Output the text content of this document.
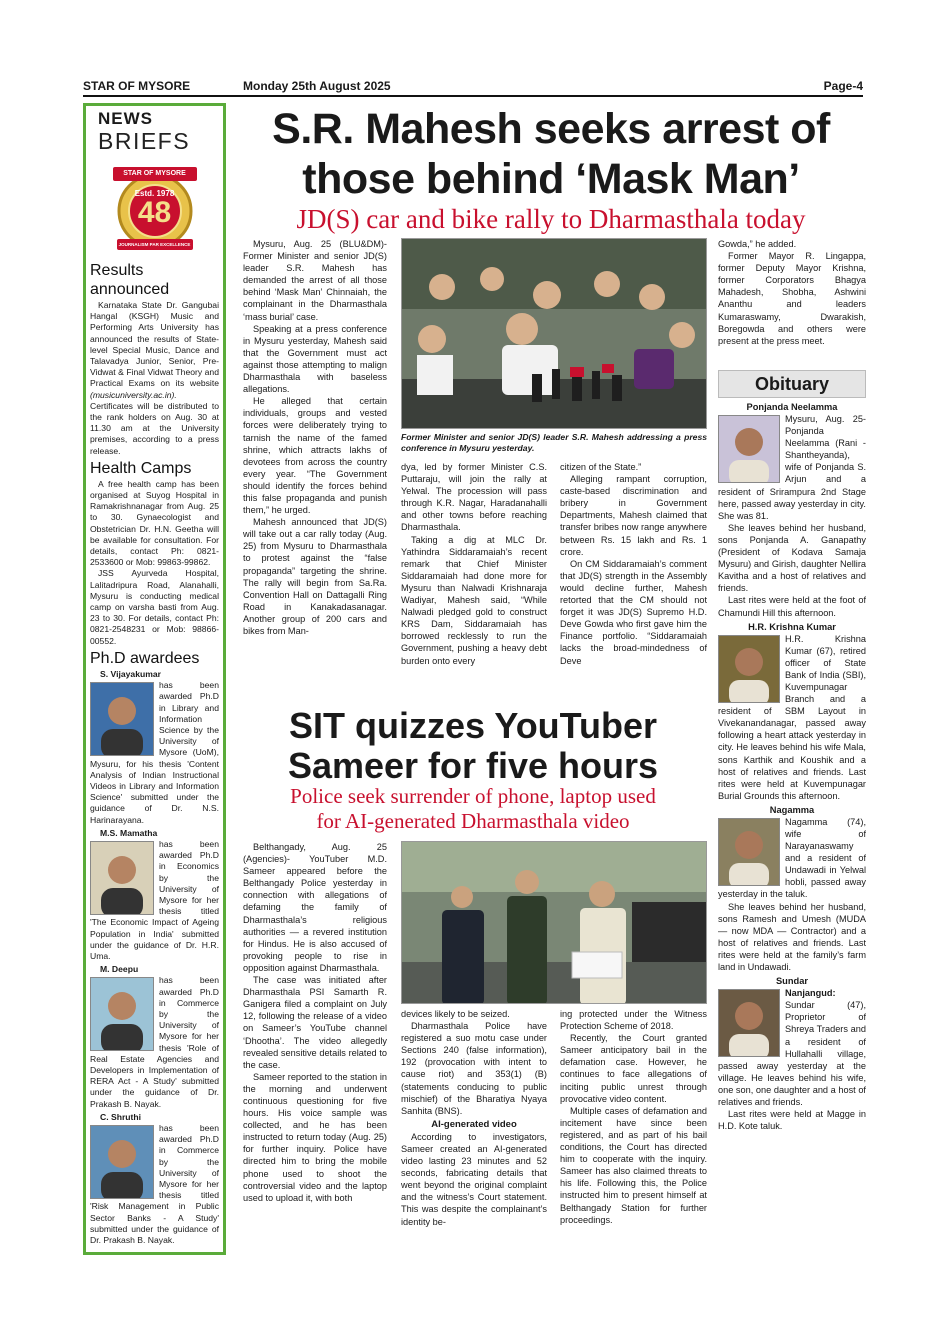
STAR OF MYSORE	Monday 25th August 2025	Page-4
NEWS
BRIEFS
STAR OF MYSORE
Estd. 1978
48
JOURNALISM PAR EXCELLENCE
Results announced

Karnataka State Dr. Gangubai Hangal (KSGH) Music and Performing Arts University has announced the results of State-level Special Music, Dance and Talavadya Junior, Senior, Pre-Vidwat & Final Vidwat Theory and Practical Exams on its website (musicuniversity.ac.in). Certificates will be distributed to the rank holders on Aug. 30 at 11.30 am at the University premises, according to a press release.

Health Camps

A free health camp has been organised at Suyog Hospital in Ramakrishnanagar from Aug. 25 to 30. Gynaecologist and Obstetrician Dr. H.N. Geetha will be available for consultation. For details, contact Ph: 0821-2533600 or Mob: 99863-99862.

JSS Ayurveda Hospital, Lalitadripura Road, Alanahalli, Mysuru is conducting medical camp on varsha basti from Aug. 23 to 30. For details, contact Ph: 0821-2548231 or Mob: 98866-00552.

Ph.D awardees

S. Vijayakumar
has been awarded Ph.D in Library and Information Science by the University of Mysore (UoM), Mysuru, for his thesis 'Content Analysis of Indian Instructional Videos in Library and Information Science' submitted under the guidance of Dr. N.S. Harinarayana.

M.S. Mamatha
has been awarded Ph.D in Economics by the University of Mysore for her thesis titled 'The Economic Impact of Ageing Population in India' submitted under the guidance of Dr. H.R. Uma.

M. Deepu
has been awarded Ph.D in Commerce by the University of Mysore for her thesis 'Role of Real Estate Agencies and Developers in Implementation of RERA Act - A Study' submitted under the guidance of Dr. Prakash B. Nayak.

C. Shruthi
has been awarded Ph.D in Commerce by the University of Mysore for her thesis titled 'Risk Management in Public Sector Banks - A Study' submitted under the guidance of Dr. Prakash B. Nayak.

S.R. Mahesh seeks arrest of
those behind ‘Mask Man’
JD(S) car and bike rally to Dharmasthala today

Mysuru, Aug. 25 (BLU&DM)- Former Minister and senior JD(S) leader S.R. Mahesh has demanded the arrest of all those behind ‘Mask Man’ Chinnaiah, the complainant in the Dharmasthala ‘mass burial’ case.

Speaking at a press conference in Mysuru yesterday, Mahesh said that the Government must act against those attempting to malign Dharmasthala with baseless allegations.

He alleged that certain individuals, groups and vested forces were deliberately trying to tarnish the name of the famed shrine, which attracts lakhs of devotees from across the country every year. “The Government should identify the forces behind this false propaganda and punish them,” he urged.

Mahesh announced that JD(S) will take out a car rally today (Aug. 25) from Mysuru to Dharmasthala to protest against the “false propaganda” targeting the shrine. The rally will begin from Sa.Ra. Convention Hall on Dattagalli Ring Road in Kanakadasanagar. Another group of 200 cars and bikes from Man-

Former Minister and senior JD(S) leader S.R. Mahesh addressing a press conference in Mysuru yesterday.

dya, led by former Minister C.S. Puttaraju, will join the rally at Yelwal. The procession will pass through K.R. Nagar, Haradanahalli and other towns before reaching Dharmasthala.

Taking a dig at MLC Dr. Yathindra Siddaramaiah’s recent remark that Chief Minister Siddaramaiah had done more for Mysuru than Nalwadi Krishnaraja Wadiyar, Mahesh said, “While Nalwadi pledged gold to construct KRS Dam, Siddaramaiah has borrowed recklessly to run the Government, pushing a heavy debt burden onto every

citizen of the State.”

Alleging rampant corruption, caste-based discrimination and bribery in Government Departments, Mahesh claimed that transfer bribes now range anywhere between Rs. 15 lakh and Rs. 1 crore.

On CM Siddaramaiah’s comment that JD(S) strength in the Assembly would decline further, Mahesh retorted that the CM should not forget it was JD(S) Supremo H.D. Deve Gowda who first gave him the Finance portfolio. “Siddaramaiah lacks the broad-mindedness of Deve

Gowda,” he added.

Former Mayor R. Lingappa, former Deputy Mayor Krishna, former Corporators Bhagya Mahadesh, Shobha, Ashwini Ananthu and leaders Kumaraswamy, Dwarakish, Boregowda and others were present at the press meet.

Obituary
Ponjanda Neelamma

Mysuru, Aug. 25- Ponjanda Neelamma (Rani - Shantheyanda), wife of Ponjanda S. Arjun and a resident of Srirampura 2nd Stage here, passed away yesterday in city. She was 81.

She leaves behind her husband, sons Ponjanda A. Ganapathy (President of Kodava Samaja Mysuru) and Girish, daughter Nellira Kavitha and a host of relatives and friends.

Last rites were held at the foot of Chamundi Hill this afternoon.

H.R. Krishna Kumar

H.R. Krishna Kumar (67), retired officer of State Bank of India (SBI), Kuvempunagar Branch and a resident of SBM Layout in Vivekanandanagar, passed away following a heart attack yesterday in city. He leaves behind his wife Mala, sons Karthik and Koushik and a host of relatives and friends. Last rites were held at Kuvempunagar Burial Grounds this afternoon.

Nagamma

Nagamma (74), wife of Narayanaswamy and a resident of Undawadi in Yelwal hobli, passed away yesterday in the taluk.

She leaves behind her husband, sons Ramesh and Umesh (MUDA — now MDA — Contractor) and a host of relatives and friends. Last rites were held at the family’s farm land in Undawadi.

Sundar

Nanjangud:
Sundar (47), Proprietor of Shreya Traders and a resident of Hullahalli village, passed away yesterday at the village. He leaves behind his wife, one son, one daughter and a host of relatives and friends.

Last rites were held at Magge in H.D. Kote taluk.

SIT quizzes YouTuber
Sameer for five hours
Police seek surrender of phone, laptop used
for AI-generated Dharmasthala video

Belthangady, Aug. 25 (Agencies)- YouTuber M.D. Sameer appeared before the Belthangady Police yesterday in connection with allegations of defaming the family of Dharmasthala’s religious authorities — a revered institution for Hindus. He is also accused of provoking people to rise in opposition against Dharmasthala.

The case was initiated after Dharmasthala PSI Samarth R. Ganigera filed a complaint on July 12, following the release of a video on Sameer’s YouTube channel ‘Dhootha’. The video allegedly revealed sensitive details related to the case.

Sameer reported to the station in the morning and underwent continuous questioning for five hours. His voice sample was collected, and he has been instructed to return today (Aug. 25) for further inquiry. Police have directed him to bring the mobile phone used to shoot the controversial video and the laptop used to upload it, with both

devices likely to be seized.

Dharmasthala Police have registered a suo motu case under Sections 240 (false information), 192 (provocation with intent to cause riot) and 353(1) (B) (statements conducing to public mischief) of the Bharatiya Nyaya Sanhita (BNS).

AI-generated video

According to investigators, Sameer created an AI-generated video lasting 23 minutes and 52 seconds, fabricating details that went beyond the original complaint and the witness’s Court statement. This was despite the complainant’s identity be-

ing protected under the Witness Protection Scheme of 2018.

Recently, the Court granted Sameer anticipatory bail in the defamation case. However, he continues to face allegations of inciting public unrest through provocative video content.

Multiple cases of defamation and incitement have since been registered, and as part of his bail conditions, the Court has directed him to cooperate with the inquiry. Sameer has also claimed threats to his life. Following this, the Police instructed him to present himself at Belthangady Station for further proceedings.
